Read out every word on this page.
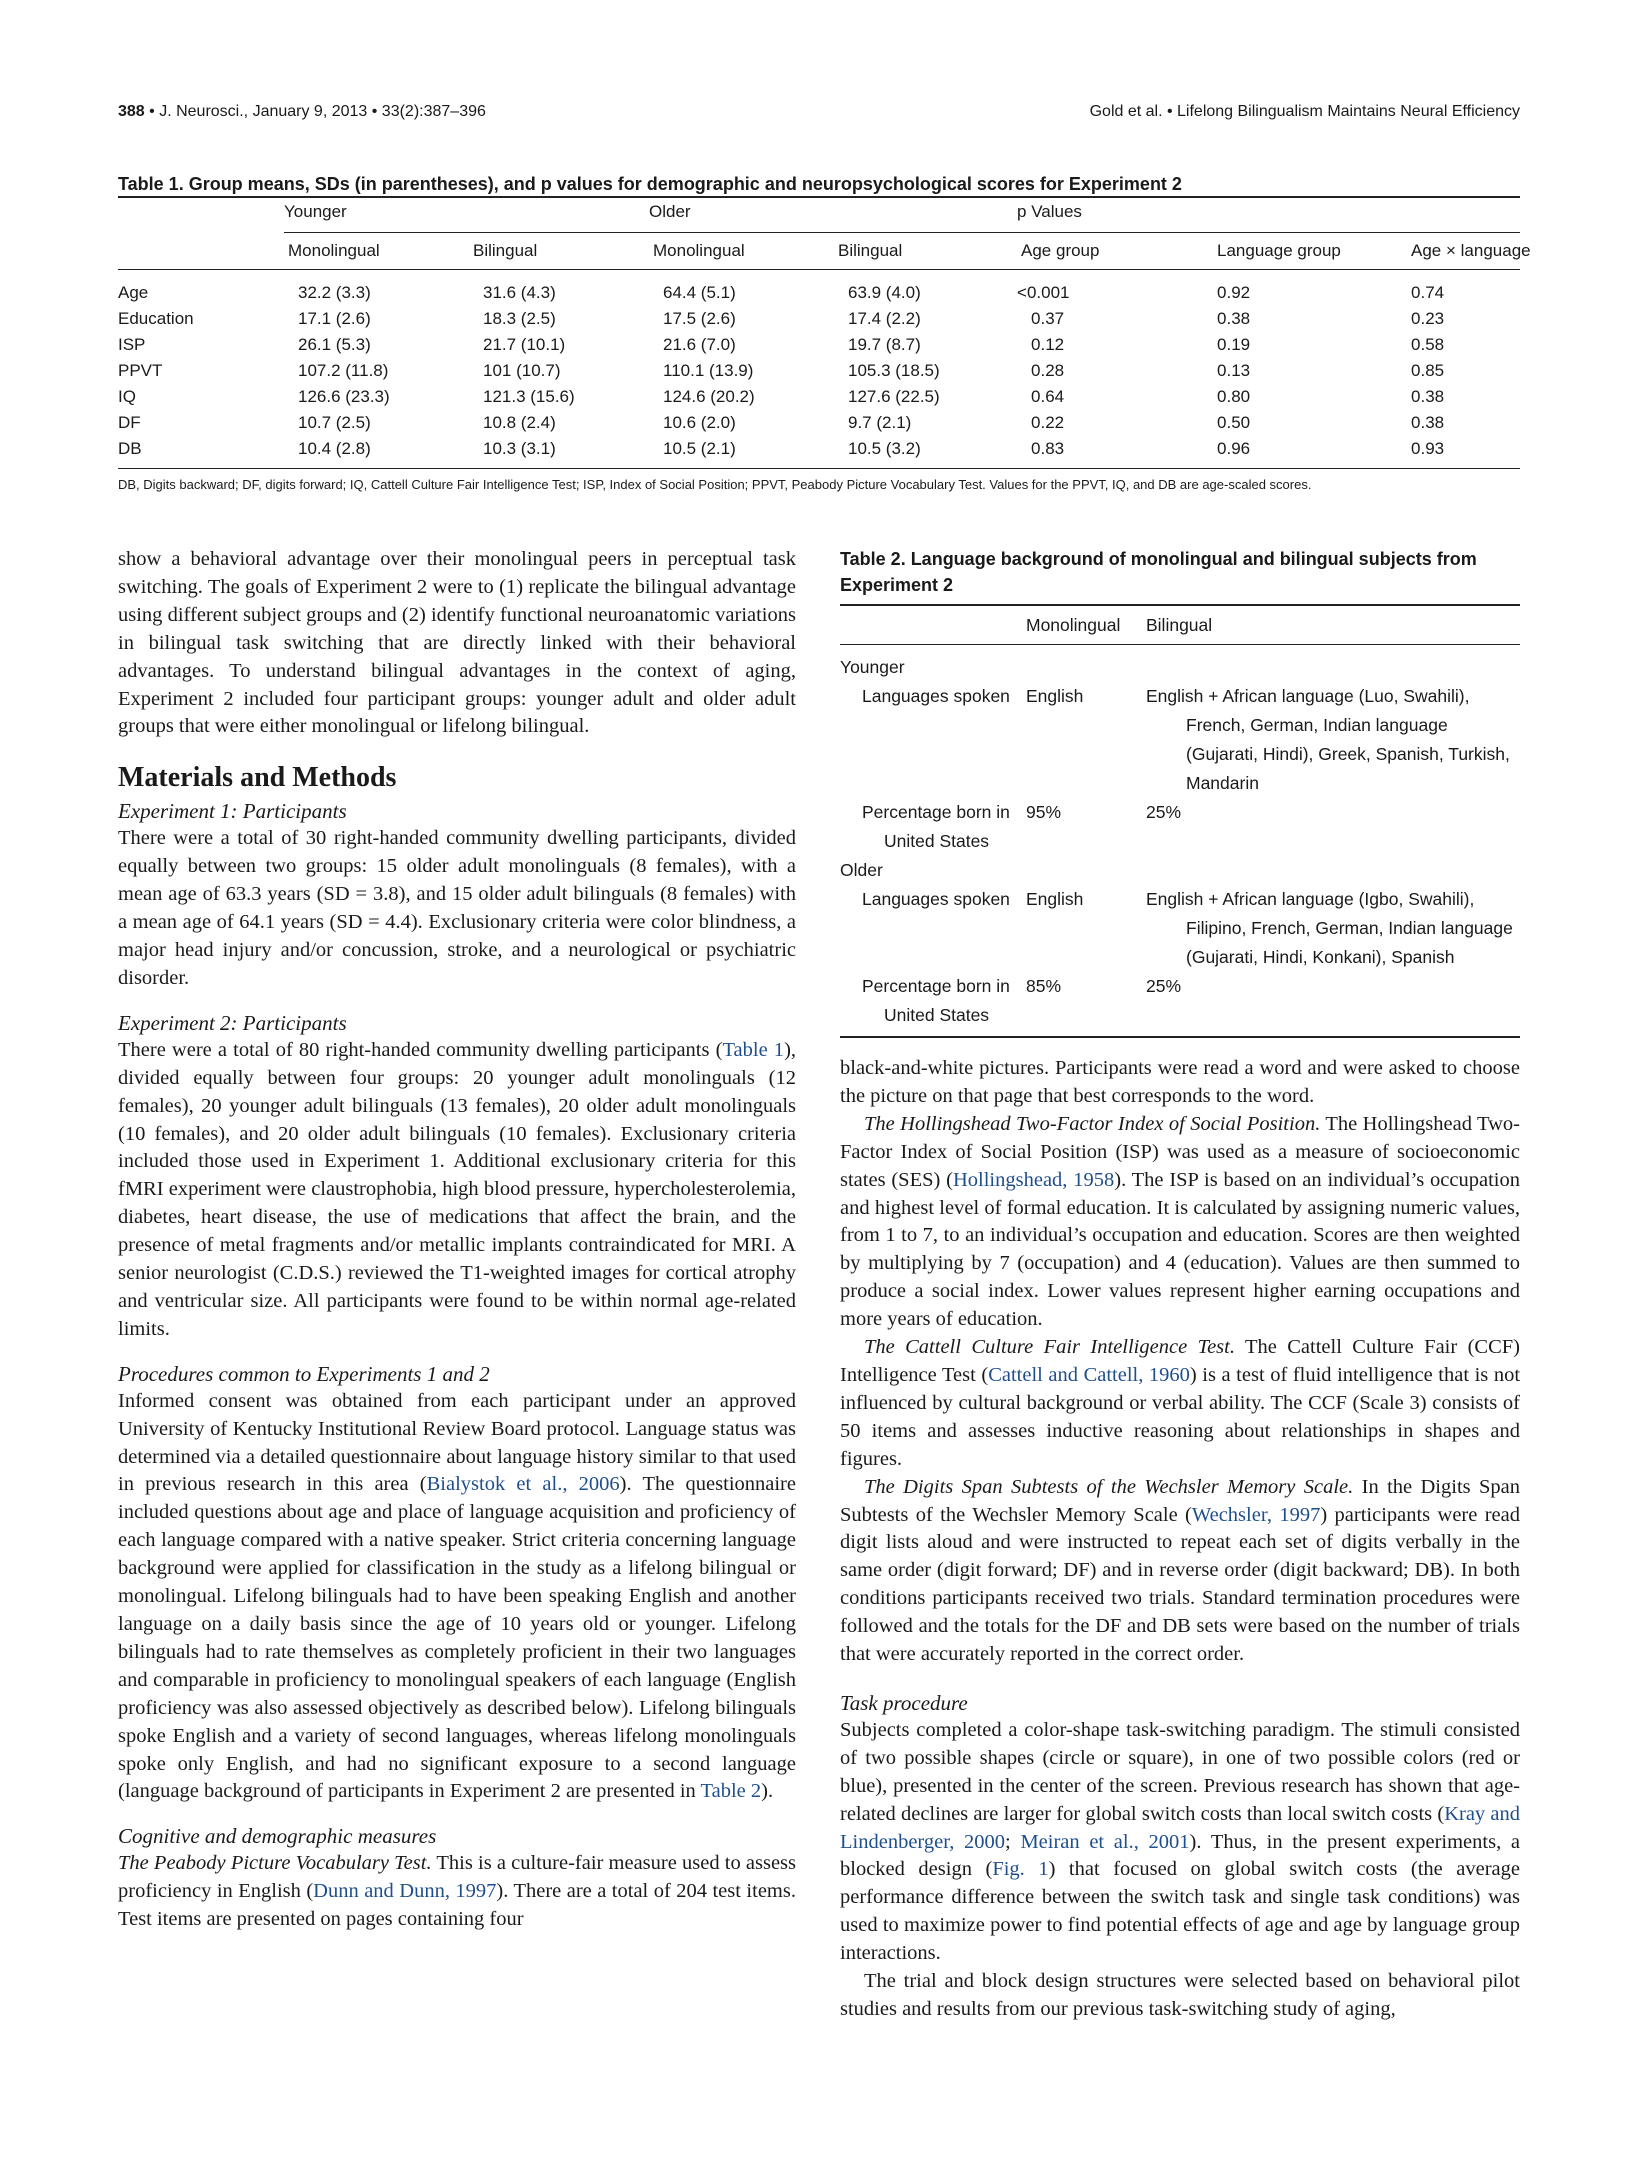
388 • J. Neurosci., January 9, 2013 • 33(2):387–396	Gold et al. • Lifelong Bilingualism Maintains Neural Efficiency
Table 1. Group means, SDs (in parentheses), and p values for demographic and neuropsychological scores for Experiment 2
	Younger		Older		p Values		
	Monolingual	Bilingual	Monolingual	Bilingual	Age group	Language group	Age × language
Age	32.2 (3.3)	31.6 (4.3)	64.4 (5.1)	63.9 (4.0)	<0.001	0.92	0.74
Education	17.1 (2.6)	18.3 (2.5)	17.5 (2.6)	17.4 (2.2)	0.37	0.38	0.23
ISP	26.1 (5.3)	21.7 (10.1)	21.6 (7.0)	19.7 (8.7)	0.12	0.19	0.58
PPVT	107.2 (11.8)	101 (10.7)	110.1 (13.9)	105.3 (18.5)	0.28	0.13	0.85
IQ	126.6 (23.3)	121.3 (15.6)	124.6 (20.2)	127.6 (22.5)	0.64	0.80	0.38
DF	10.7 (2.5)	10.8 (2.4)	10.6 (2.0)	9.7 (2.1)	0.22	0.50	0.38
DB	10.4 (2.8)	10.3 (3.1)	10.5 (2.1)	10.5 (3.2)	0.83	0.96	0.93
DB, Digits backward; DF, digits forward; IQ, Cattell Culture Fair Intelligence Test; ISP, Index of Social Position; PPVT, Peabody Picture Vocabulary Test. Values for the PPVT, IQ, and DB are age-scaled scores.

show a behavioral advantage over their monolingual peers in perceptual task switching. The goals of Experiment 2 were to (1) replicate the bilingual advantage using different subject groups and (2) identify functional neuroanatomic variations in bilingual task switching that are directly linked with their behavioral advantages. To understand bilingual advantages in the context of aging, Experiment 2 included four participant groups: younger adult and older adult groups that were either monolingual or lifelong bilingual.

Materials and Methods
Experiment 1: Participants

There were a total of 30 right-handed community dwelling participants, divided equally between two groups: 15 older adult monolinguals (8 females), with a mean age of 63.3 years (SD = 3.8), and 15 older adult bilinguals (8 females) with a mean age of 64.1 years (SD = 4.4). Exclusionary criteria were color blindness, a major head injury and/or concussion, stroke, and a neurological or psychiatric disorder.

Experiment 2: Participants

There were a total of 80 right-handed community dwelling participants (Table 1), divided equally between four groups: 20 younger adult monolinguals (12 females), 20 younger adult bilinguals (13 females), 20 older adult monolinguals (10 females), and 20 older adult bilinguals (10 females). Exclusionary criteria included those used in Experiment 1. Additional exclusionary criteria for this fMRI experiment were claustrophobia, high blood pressure, hypercholesterolemia, diabetes, heart disease, the use of medications that affect the brain, and the presence of metal fragments and/or metallic implants contraindicated for MRI. A senior neurologist (C.D.S.) reviewed the T1-weighted images for cortical atrophy and ventricular size. All participants were found to be within normal age-related limits.

Procedures common to Experiments 1 and 2

Informed consent was obtained from each participant under an approved University of Kentucky Institutional Review Board protocol. Language status was determined via a detailed questionnaire about language history similar to that used in previous research in this area (Bialystok et al., 2006). The questionnaire included questions about age and place of language acquisition and proficiency of each language compared with a native speaker. Strict criteria concerning language background were applied for classification in the study as a lifelong bilingual or monolingual. Lifelong bilinguals had to have been speaking English and another language on a daily basis since the age of 10 years old or younger. Lifelong bilinguals had to rate themselves as completely proficient in their two languages and comparable in proficiency to monolingual speakers of each language (English proficiency was also assessed objectively as described below). Lifelong bilinguals spoke English and a variety of second languages, whereas lifelong monolinguals spoke only English, and had no significant exposure to a second language (language background of participants in Experiment 2 are presented in Table 2).

Cognitive and demographic measures

The Peabody Picture Vocabulary Test. This is a culture-fair measure used to assess proficiency in English (Dunn and Dunn, 1997). There are a total of 204 test items. Test items are presented on pages containing four

Table 2. Language background of monolingual and bilingual subjects from Experiment 2
	Monolingual	Bilingual
Younger		

Languages spoken	English	English + African language (Luo, Swahili), French, German, Indian language (Gujarati, Hindi), Greek, Spanish, Turkish, Mandarin

Percentage born in United States	95%	25%
Older		

Languages spoken	English	English + African language (Igbo, Swahili), Filipino, French, German, Indian language (Gujarati, Hindi, Konkani), Spanish

Percentage born in United States	85%	25%

black-and-white pictures. Participants were read a word and were asked to choose the picture on that page that best corresponds to the word.

The Hollingshead Two-Factor Index of Social Position. The Hollingshead Two-Factor Index of Social Position (ISP) was used as a measure of socioeconomic states (SES) (Hollingshead, 1958). The ISP is based on an individual’s occupation and highest level of formal education. It is calculated by assigning numeric values, from 1 to 7, to an individual’s occupation and education. Scores are then weighted by multiplying by 7 (occupation) and 4 (education). Values are then summed to produce a social index. Lower values represent higher earning occupations and more years of education.

The Cattell Culture Fair Intelligence Test. The Cattell Culture Fair (CCF) Intelligence Test (Cattell and Cattell, 1960) is a test of fluid intelligence that is not influenced by cultural background or verbal ability. The CCF (Scale 3) consists of 50 items and assesses inductive reasoning about relationships in shapes and figures.

The Digits Span Subtests of the Wechsler Memory Scale. In the Digits Span Subtests of the Wechsler Memory Scale (Wechsler, 1997) participants were read digit lists aloud and were instructed to repeat each set of digits verbally in the same order (digit forward; DF) and in reverse order (digit backward; DB). In both conditions participants received two trials. Standard termination procedures were followed and the totals for the DF and DB sets were based on the number of trials that were accurately reported in the correct order.

Task procedure

Subjects completed a color-shape task-switching paradigm. The stimuli consisted of two possible shapes (circle or square), in one of two possible colors (red or blue), presented in the center of the screen. Previous research has shown that age-related declines are larger for global switch costs than local switch costs (Kray and Lindenberger, 2000; Meiran et al., 2001). Thus, in the present experiments, a blocked design (Fig. 1) that focused on global switch costs (the average performance difference between the switch task and single task conditions) was used to maximize power to find potential effects of age and age by language group interactions.

The trial and block design structures were selected based on behavioral pilot studies and results from our previous task-switching study of aging,
